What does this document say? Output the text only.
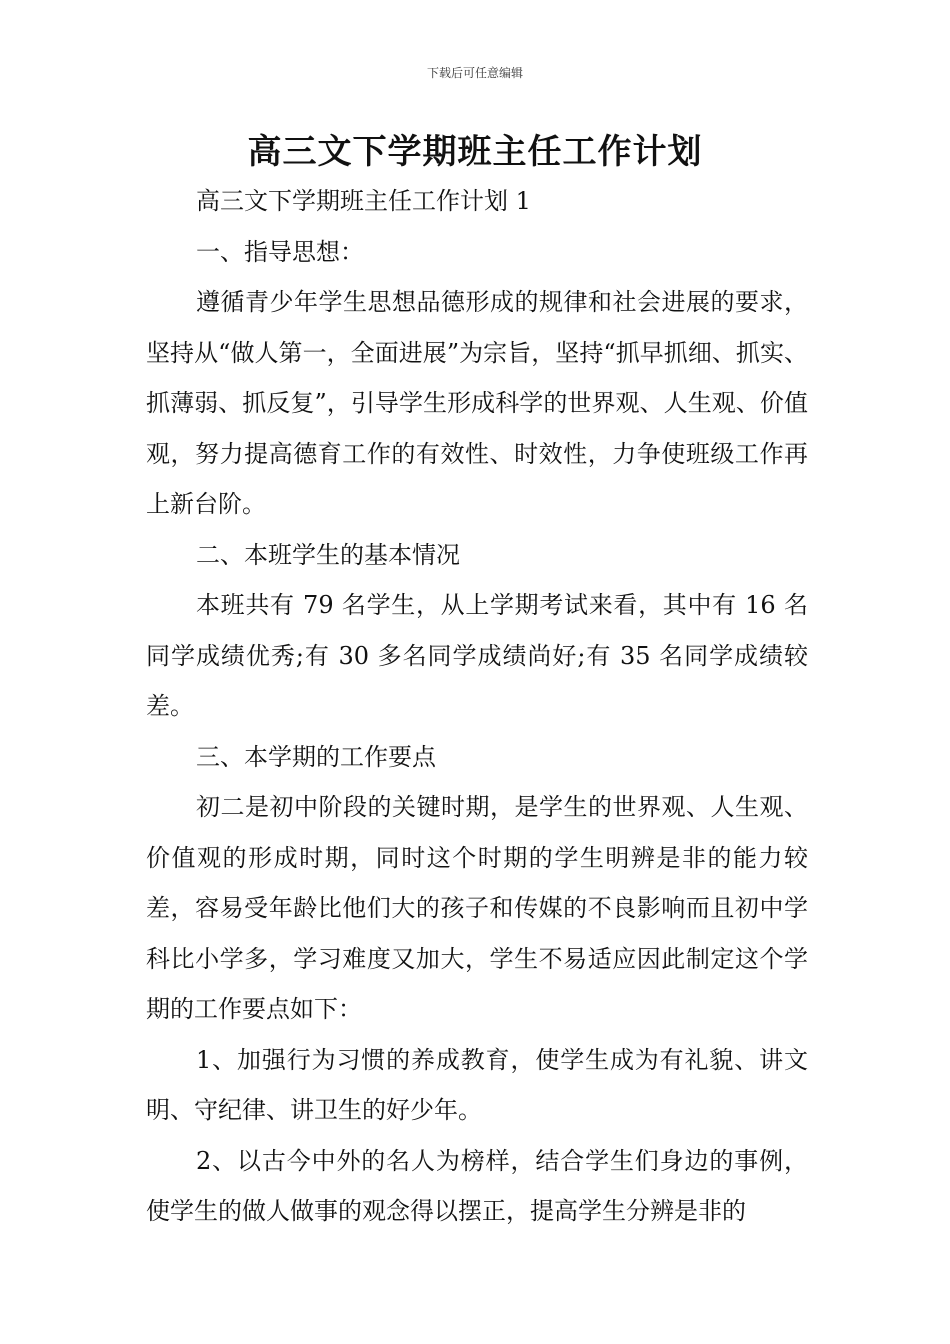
下载后可任意编辑
高三文下学期班主任工作计划

高三文下学期班主任工作计划 1

一、指导思想：

遵循青少年学生思想品德形成的规律和社会进展的要求，坚持从“做人第一，全面进展”为宗旨，坚持“抓早抓细、抓实、抓薄弱、抓反复”，引导学生形成科学的世界观、人生观、价值观，努力提高德育工作的有效性、时效性，力争使班级工作再上新台阶。

二、本班学生的基本情况

本班共有 79 名学生，从上学期考试来看，其中有 16 名同学成绩优秀;有 30 多名同学成绩尚好;有 35 名同学成绩较差。

三、本学期的工作要点

初二是初中阶段的关键时期，是学生的世界观、人生观、价值观的形成时期，同时这个时期的学生明辨是非的能力较差，容易受年龄比他们大的孩子和传媒的不良影响而且初中学科比小学多，学习难度又加大，学生不易适应因此制定这个学期的工作要点如下：

1、加强行为习惯的养成教育，使学生成为有礼貌、讲文明、守纪律、讲卫生的好少年。

2、以古今中外的名人为榜样，结合学生们身边的事例，使学生的做人做事的观念得以摆正，提高学生分辨是非的
